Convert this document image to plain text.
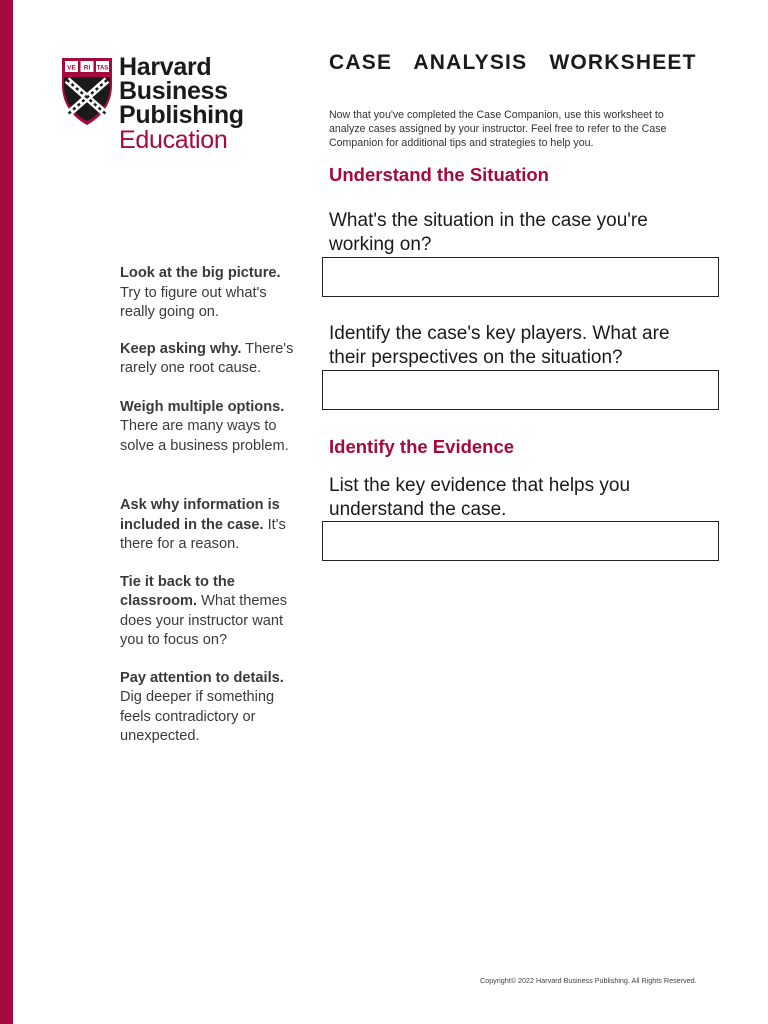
VE RI TAS Harvard
Business
Publishing
Education
CASE  ANALYSIS  WORKSHEET

Now that you've completed the Case Companion, use this worksheet to analyze cases assigned by your instructor. Feel free to refer to the Case Companion for additional tips and strategies to help you.

Understand the Situation

What's the situation in the case you're working on?

Identify the case's key players. What are their perspectives on the situation?

Identify the Evidence

List the key evidence that helps you understand the case.

Look at the big picture. Try to figure out what's really going on.

Keep asking why. There's rarely one root cause.

Weigh multiple options. There are many ways to solve a business problem.

Ask why information is included in the case. It's there for a reason.

Tie it back to the classroom. What themes does your instructor want you to focus on?

Pay attention to details. Dig deeper if something feels contradictory or unexpected.

Copyright© 2022 Harvard Business Publishing. All Rights Reserved.
